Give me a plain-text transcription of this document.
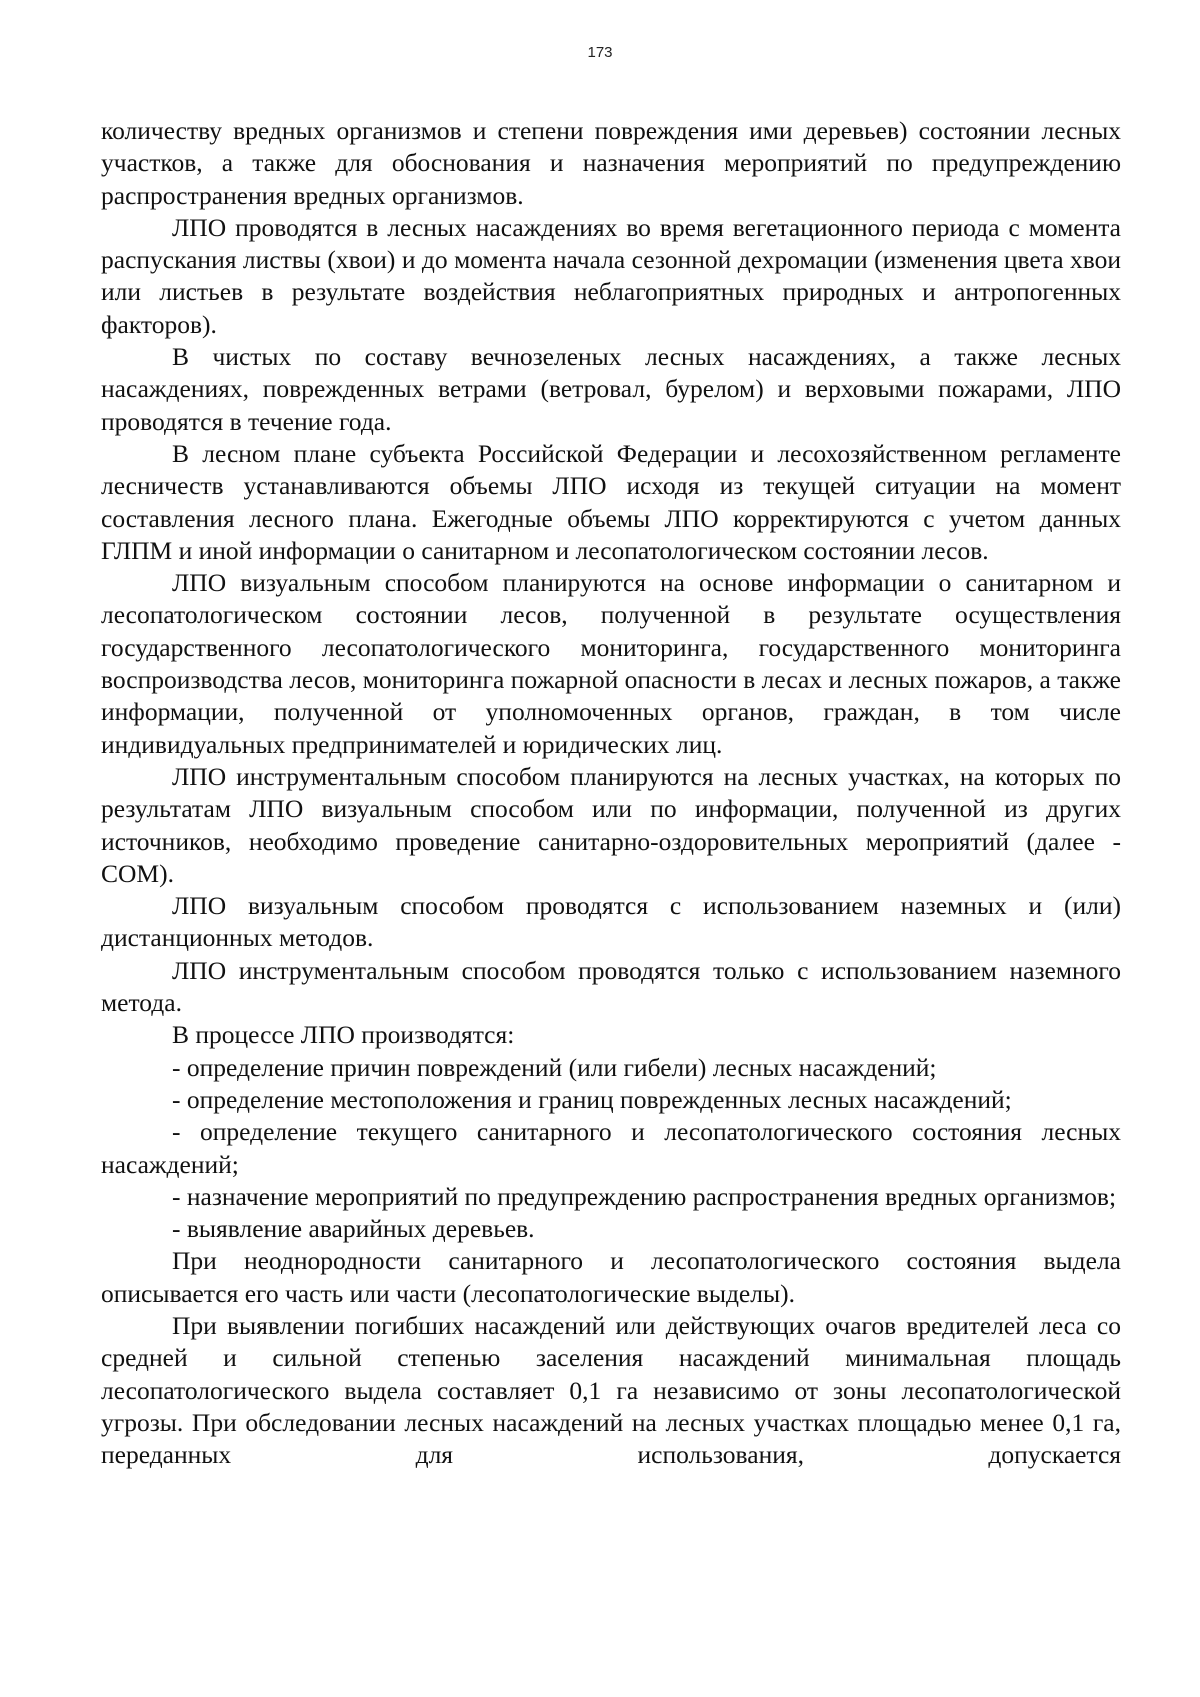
173

количеству вредных организмов и степени повреждения ими деревьев) состоянии лесных участков, а также для обоснования и назначения мероприятий по предупреждению распространения вредных организмов.

ЛПО проводятся в лесных насаждениях во время вегетационного периода с момента распускания листвы (хвои) и до момента начала сезонной дехромации (изменения цвета хвои или листьев в результате воздействия неблагоприятных природных и антропогенных факторов).

В чистых по составу вечнозеленых лесных насаждениях, а также лесных насаждениях, поврежденных ветрами (ветровал, бурелом) и верховыми пожарами, ЛПО проводятся в течение года.

В лесном плане субъекта Российской Федерации и лесохозяйственном регламенте лесничеств устанавливаются объемы ЛПО исходя из текущей ситуации на момент составления лесного плана. Ежегодные объемы ЛПО корректируются с учетом данных ГЛПМ и иной информации о санитарном и лесопатологическом состоянии лесов.

ЛПО визуальным способом планируются на основе информации о санитарном и лесопатологическом состоянии лесов, полученной в результате осуществления государственного лесопатологического мониторинга, государственного мониторинга воспроизводства лесов, мониторинга пожарной опасности в лесах и лесных пожаров, а также информации, полученной от уполномоченных органов, граждан, в том числе индивидуальных предпринимателей и юридических лиц.

ЛПО инструментальным способом планируются на лесных участках, на которых по результатам ЛПО визуальным способом или по информации, полученной из других источников, необходимо проведение санитарно-оздоровительных мероприятий (далее - СОМ).

ЛПО визуальным способом проводятся с использованием наземных и (или) дистанционных методов.

ЛПО инструментальным способом проводятся только с использованием наземного метода.

В процессе ЛПО производятся:

- определение причин повреждений (или гибели) лесных насаждений;

- определение местоположения и границ поврежденных лесных насаждений;

- определение текущего санитарного и лесопатологического состояния лесных насаждений;

- назначение мероприятий по предупреждению распространения вредных организмов;

- выявление аварийных деревьев.

При неоднородности санитарного и лесопатологического состояния выдела описывается его часть или части (лесопатологические выделы).

При выявлении погибших насаждений или действующих очагов вредителей леса со средней и сильной степенью заселения насаждений минимальная площадь лесопатологического выдела составляет 0,1 га независимо от зоны лесопатологической угрозы. При обследовании лесных насаждений на лесных участках площадью менее 0,1 га, переданных для использования, допускается
